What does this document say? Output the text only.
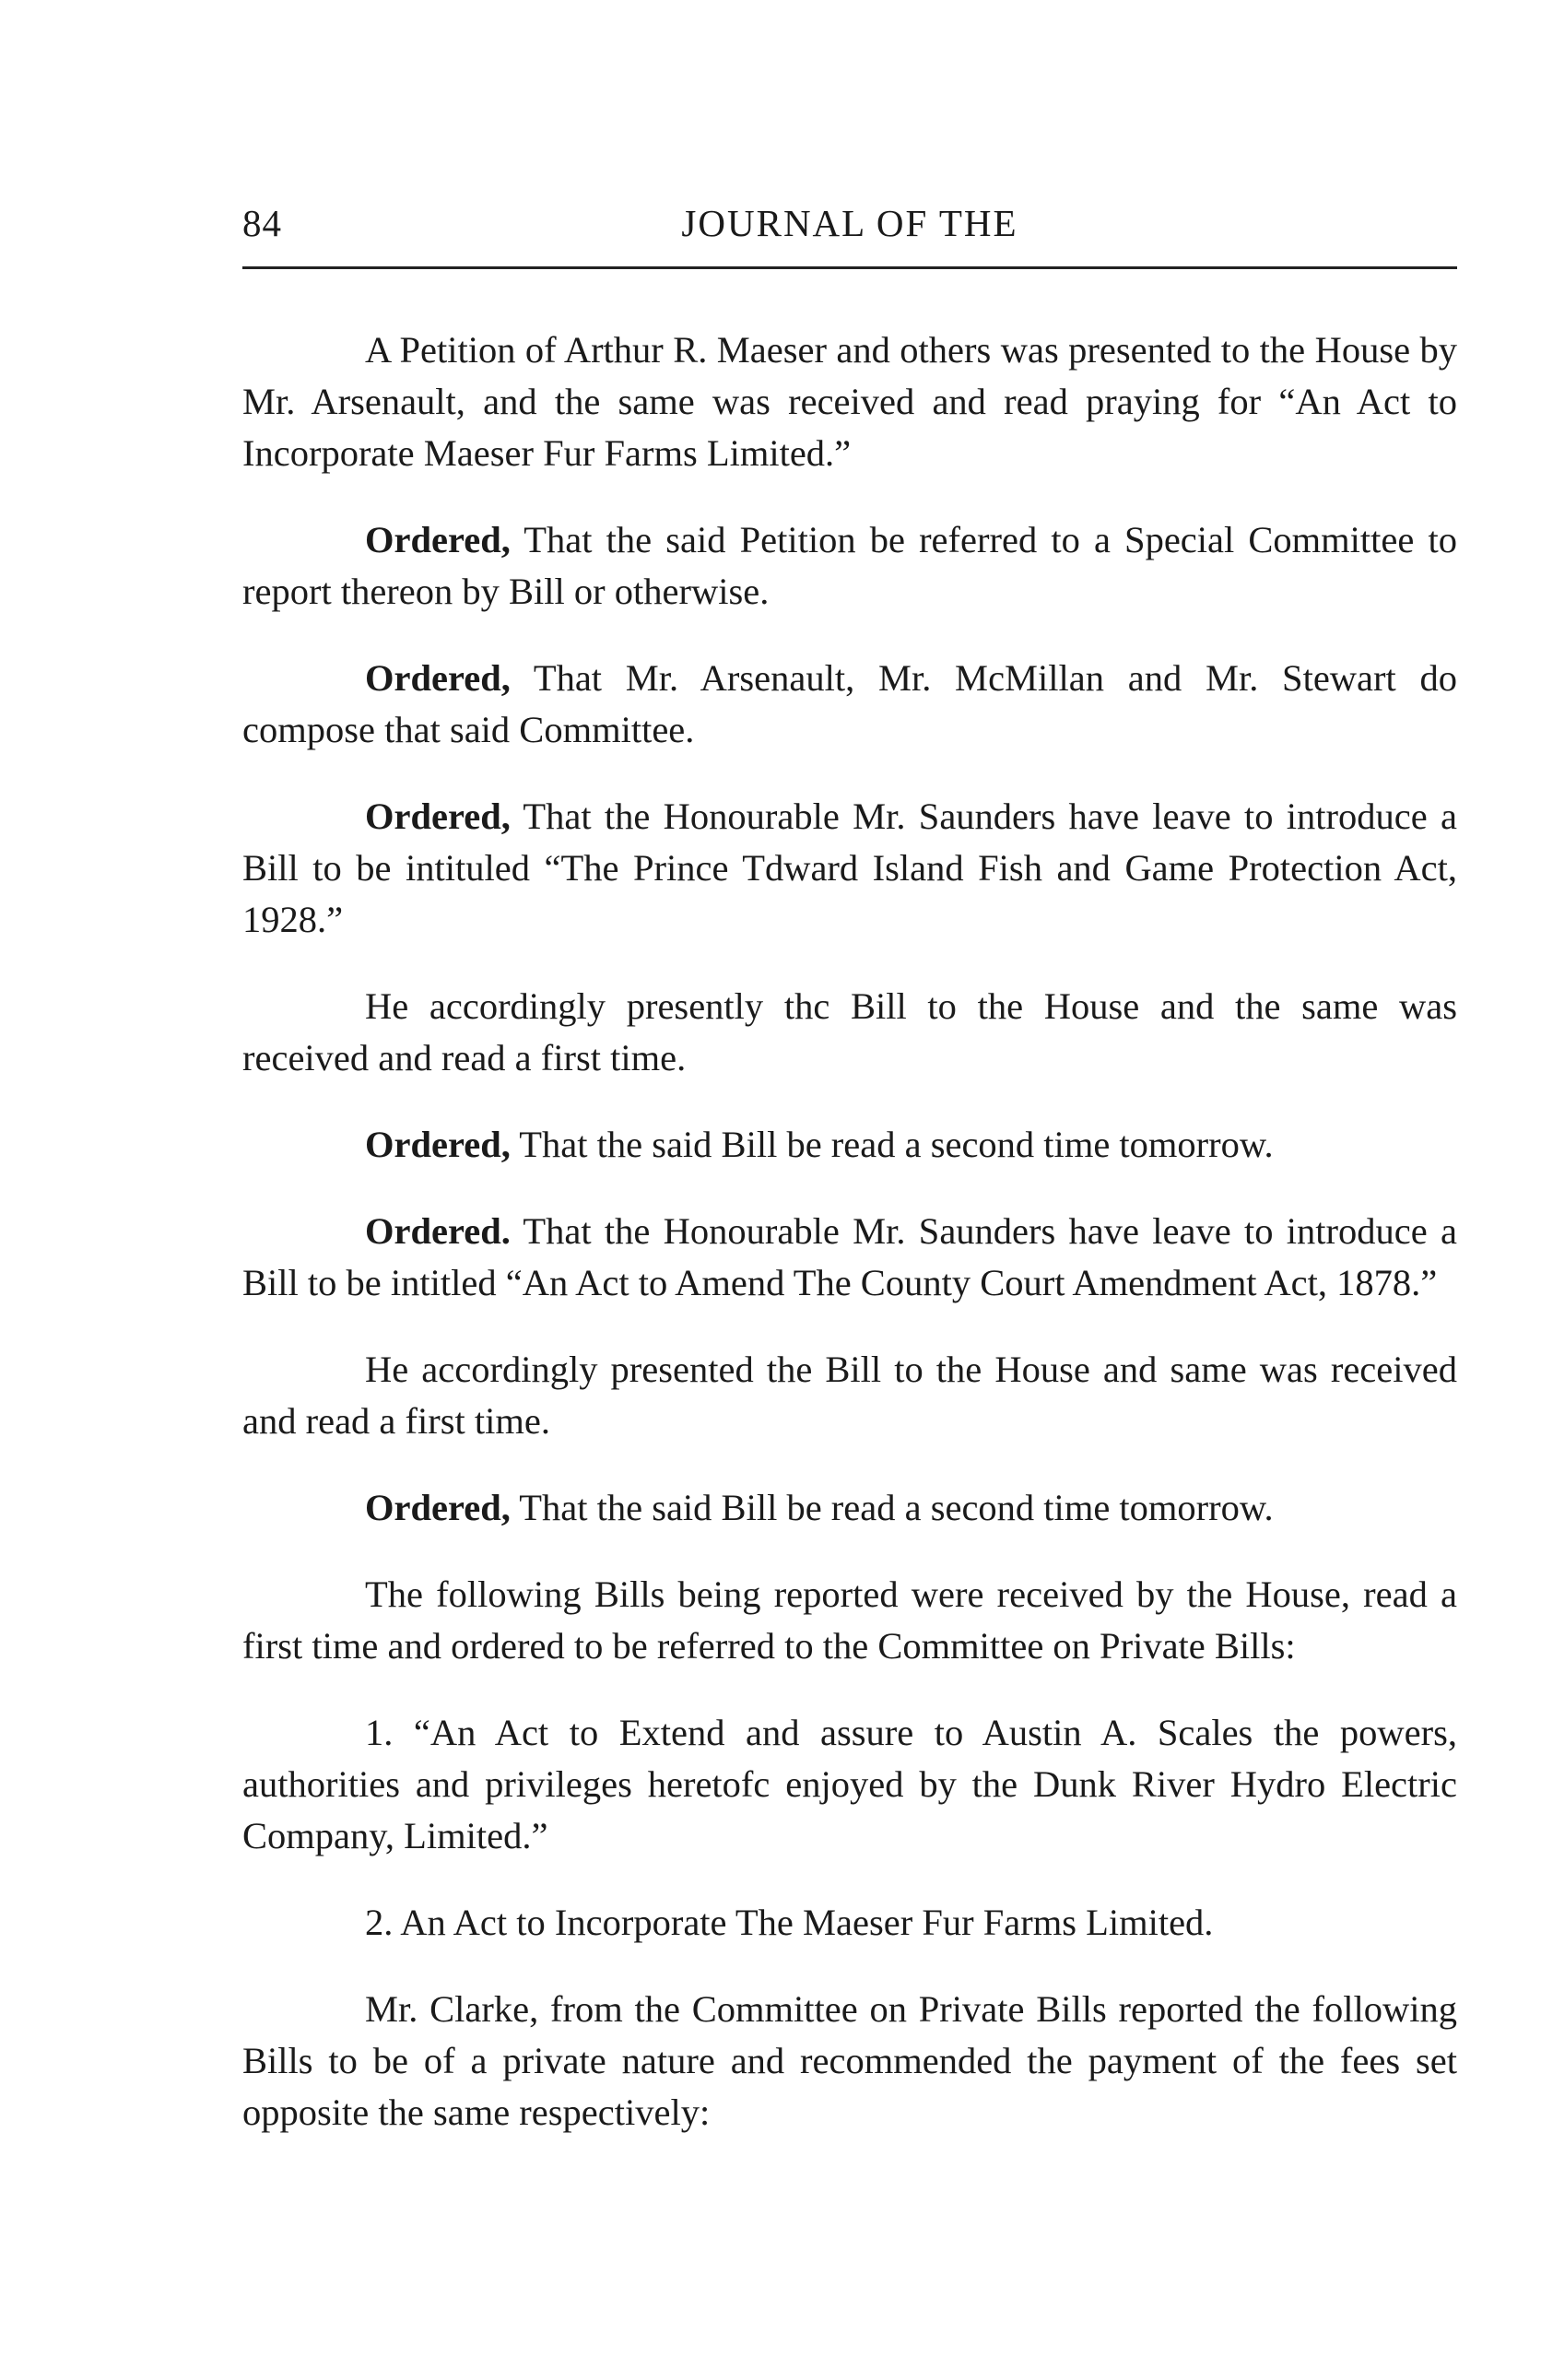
84	JOURNAL OF THE

A Petition of Arthur R. Maeser and others was presented to the House by Mr. Arsenault, and the same was received and read praying for “An Act to Incorporate Maeser Fur Farms Limited.”

Ordered, That the said Petition be referred to a Special Committee to report thereon by Bill or otherwise.

Ordered, That Mr. Arsenault, Mr. McMillan and Mr. Stewart do compose that said Committee.

Ordered, That the Honourable Mr. Saunders have leave to introduce a Bill to be intituled “The Prince Tdward Island Fish and Game Protection Act, 1928.”

He accordingly presently thc Bill to the House and the same was received and read a first time.

Ordered, That the said Bill be read a second time tomorrow.

Ordered. That the Honourable Mr. Saunders have leave to introduce a Bill to be intitled “An Act to Amend The County Court Amendment Act, 1878.”

He accordingly presented the Bill to the House and same was received and read a first time.

Ordered, That the said Bill be read a second time tomorrow.

The following Bills being reported were received by the House, read a first time and ordered to be referred to the Committee on Private Bills:

1. “An Act to Extend and assure to Austin A. Scales the powers, authorities and privileges heretofc enjoyed by the Dunk River Hydro Electric Company, Limited.”

2. An Act to Incorporate The Maeser Fur Farms Limited.

Mr. Clarke, from the Committee on Private Bills reported the following Bills to be of a private nature and recommended the payment of the fees set opposite the same respectively:
